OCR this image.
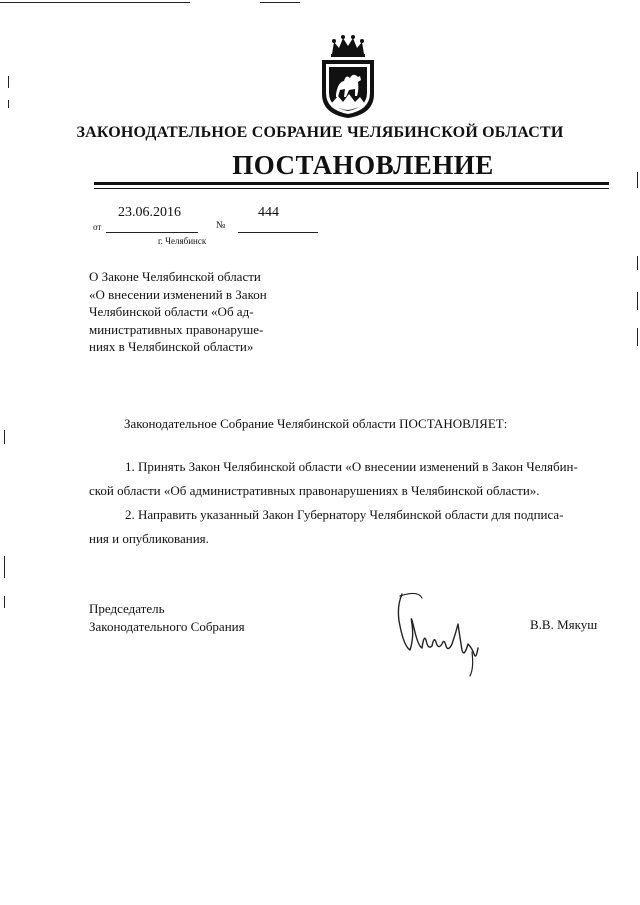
ЗАКОНОДАТЕЛЬНОЕ СОБРАНИЕ ЧЕЛЯБИНСКОЙ ОБЛАСТИ
ПОСТАНОВЛЕНИЕ
23.06.2016	444
от	№
г. Челябинск
О Законе Челябинской области
«О внесении изменений в Закон
Челябинской области «Об ад-
министративных правонаруше-
ниях в Челябинской области»
Законодательное Собрание Челябинской области ПОСТАНОВЛЯЕТ:
1. Принять Закон Челябинской области «О внесении изменений в Закон Челябин-
ской области «Об административных правонарушениях в Челябинской области».
2. Направить указанный Закон Губернатору Челябинской области для подписа-
ния и опубликования.
Председатель
Законодательного Собрания	В.В. Мякуш
